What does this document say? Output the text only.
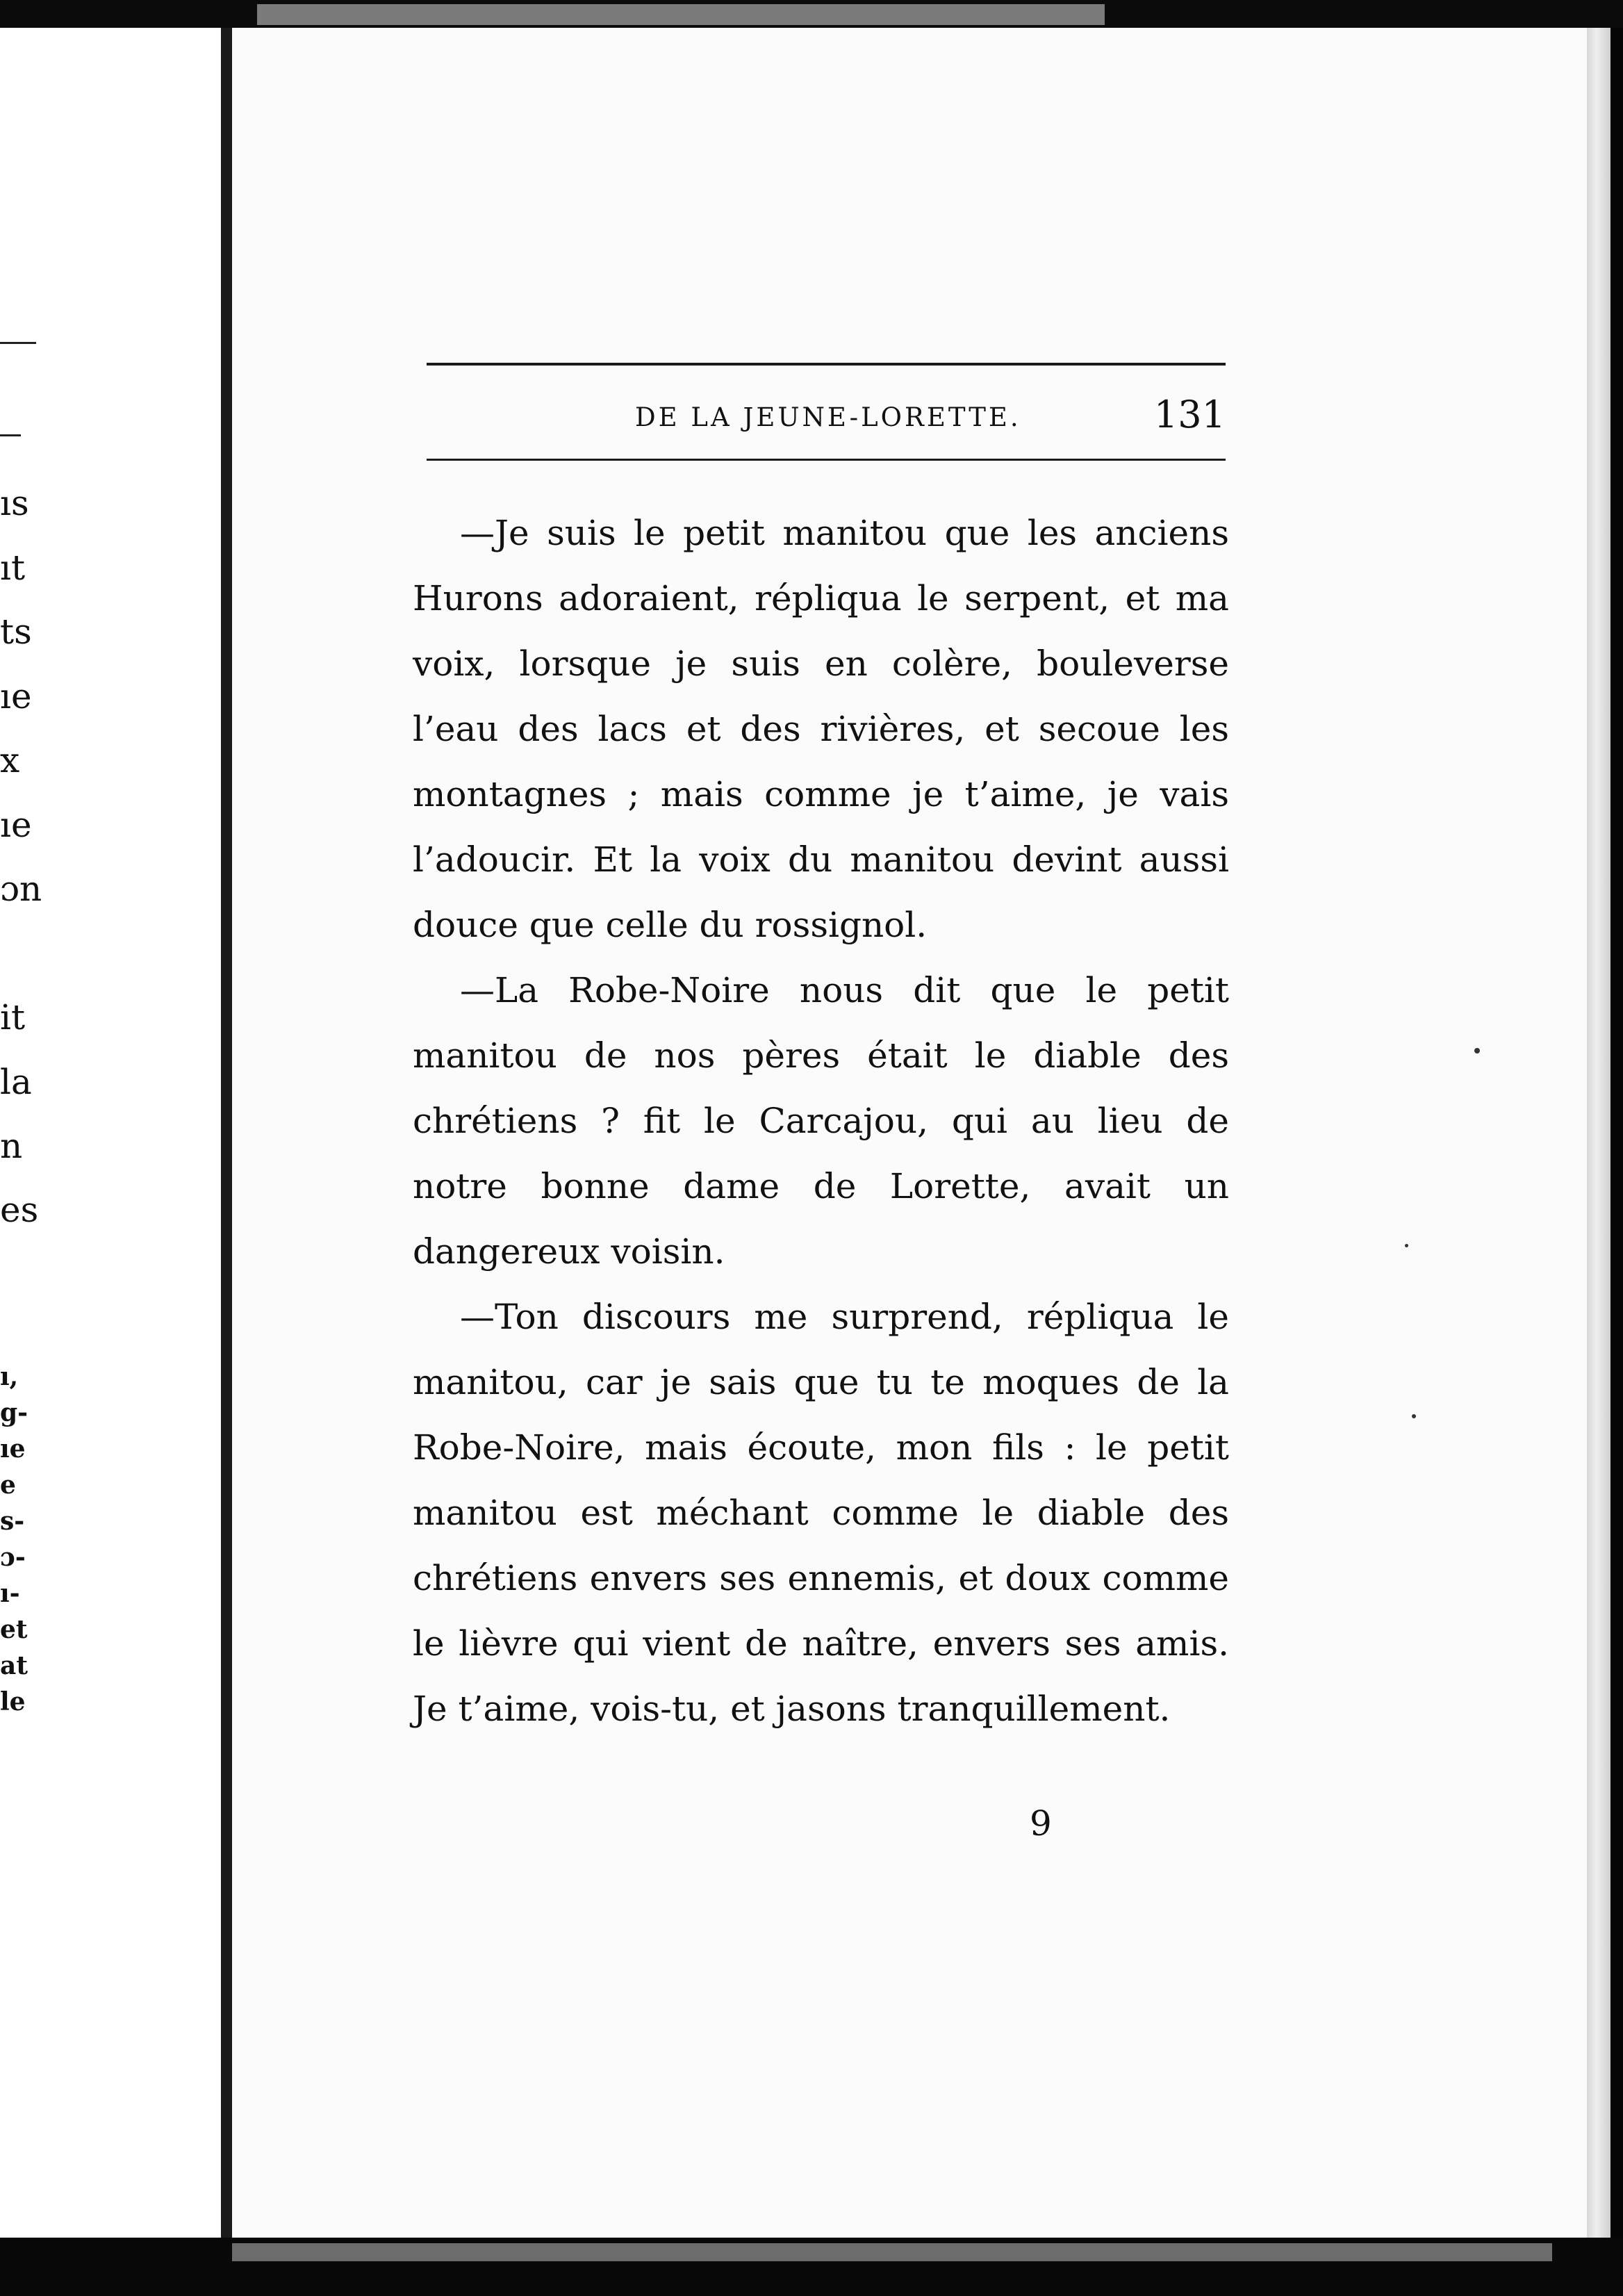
ıs
ıt
ts
ıe
x
ıe
ɔn
it
la
n
es
ı,
g-
ıe
e
s-
ɔ-
ı-
et
at
le
DE LA JEUNE-LORETTE.	131

—Je suis le petit manitou que les anciens Hurons adoraient, répliqua le serpent, et ma voix, lorsque je suis en colère, bouleverse l’eau des lacs et des rivières, et secoue les montagnes ; mais comme je t’aime, je vais l’adoucir. Et la voix du manitou devint aussi douce que celle du rossignol.

—La Robe-Noire nous dit que le petit manitou de nos pères était le diable des chrétiens ? fit le Carcajou, qui au lieu de notre bonne dame de Lorette, avait un dangereux voisin.

—Ton discours me surprend, répliqua le manitou, car je sais que tu te moques de la Robe-Noire, mais écoute, mon fils : le petit manitou est méchant comme le diable des chrétiens envers ses ennemis, et doux comme le lièvre qui vient de naître, envers ses amis. Je t’aime, vois-tu, et jasons tranquillement.

9
